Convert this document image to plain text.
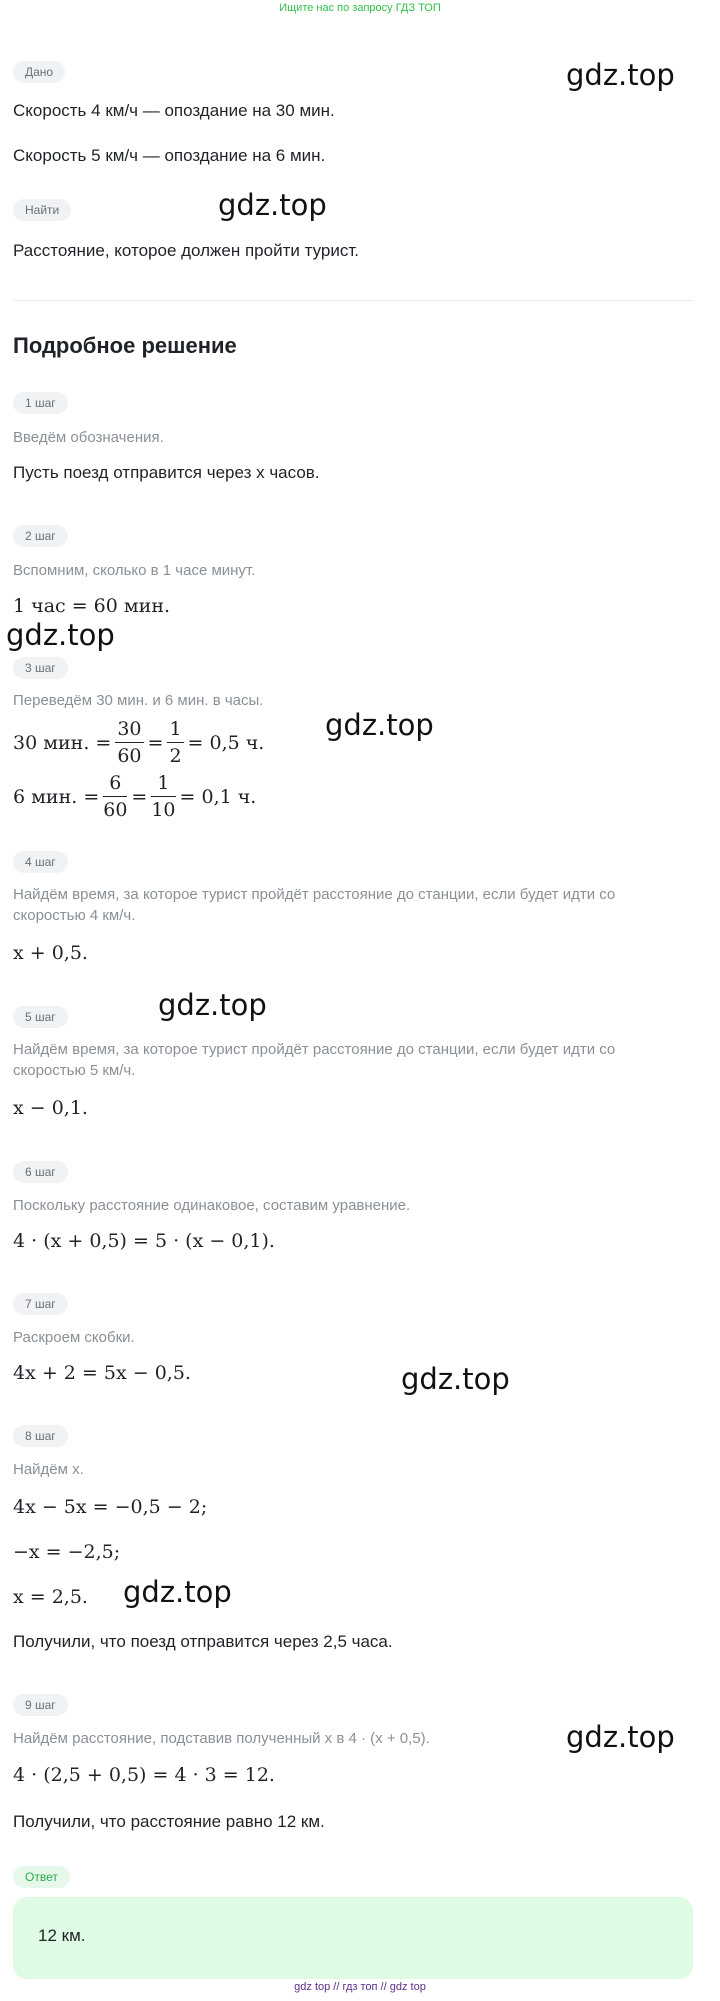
Ищите нас по запросу ГДЗ ТОП
Дано
Скорость 4 км/ч — опоздание на 30 мин.
Скорость 5 км/ч — опоздание на 6 мин.
Найти
Расстояние, которое должен пройти турист.
Подробное решение
1 шаг
Введём обозначения.
Пусть поезд отправится через x часов.
2 шаг
Вспомним, сколько в 1 часе минут.
1 час = 60 мин.
3 шаг
Переведём 30 мин. и 6 мин. в часы.
30 мин. = $\frac{30}{60} = \frac{1}{2} = 0,5$ ч.
6 мин. = $\frac{6}{60} = \frac{1}{10} = 0,1$ ч.
4 шаг
Найдём время, за которое турист пройдёт расстояние до станции, если будет идти со скоростью 4 км/ч.
x + 0,5.
5 шаг
Найдём время, за которое турист пройдёт расстояние до станции, если будет идти со скоростью 5 км/ч.
x − 0,1.
6 шаг
Поскольку расстояние одинаковое, составим уравнение.
4 · (x + 0,5) = 5 · (x − 0,1).
7 шаг
Раскроем скобки.
4x + 2 = 5x − 0,5.
8 шаг
Найдём x.
4x − 5x = −0,5 − 2;
−x = −2,5;
x = 2,5.
Получили, что поезд отправится через 2,5 часа.
9 шаг
Найдём расстояние, подставив полученный x в 4 · (x + 0,5).
4 · (2,5 + 0,5) = 4 · 3 = 12.
Получили, что расстояние равно 12 км.
Ответ
12 км.
gdz.top
gdz.top
gdz.top
gdz.top
gdz.top
gdz.top
gdz.top
gdz.top
gdz top // гдз топ // gdz top
